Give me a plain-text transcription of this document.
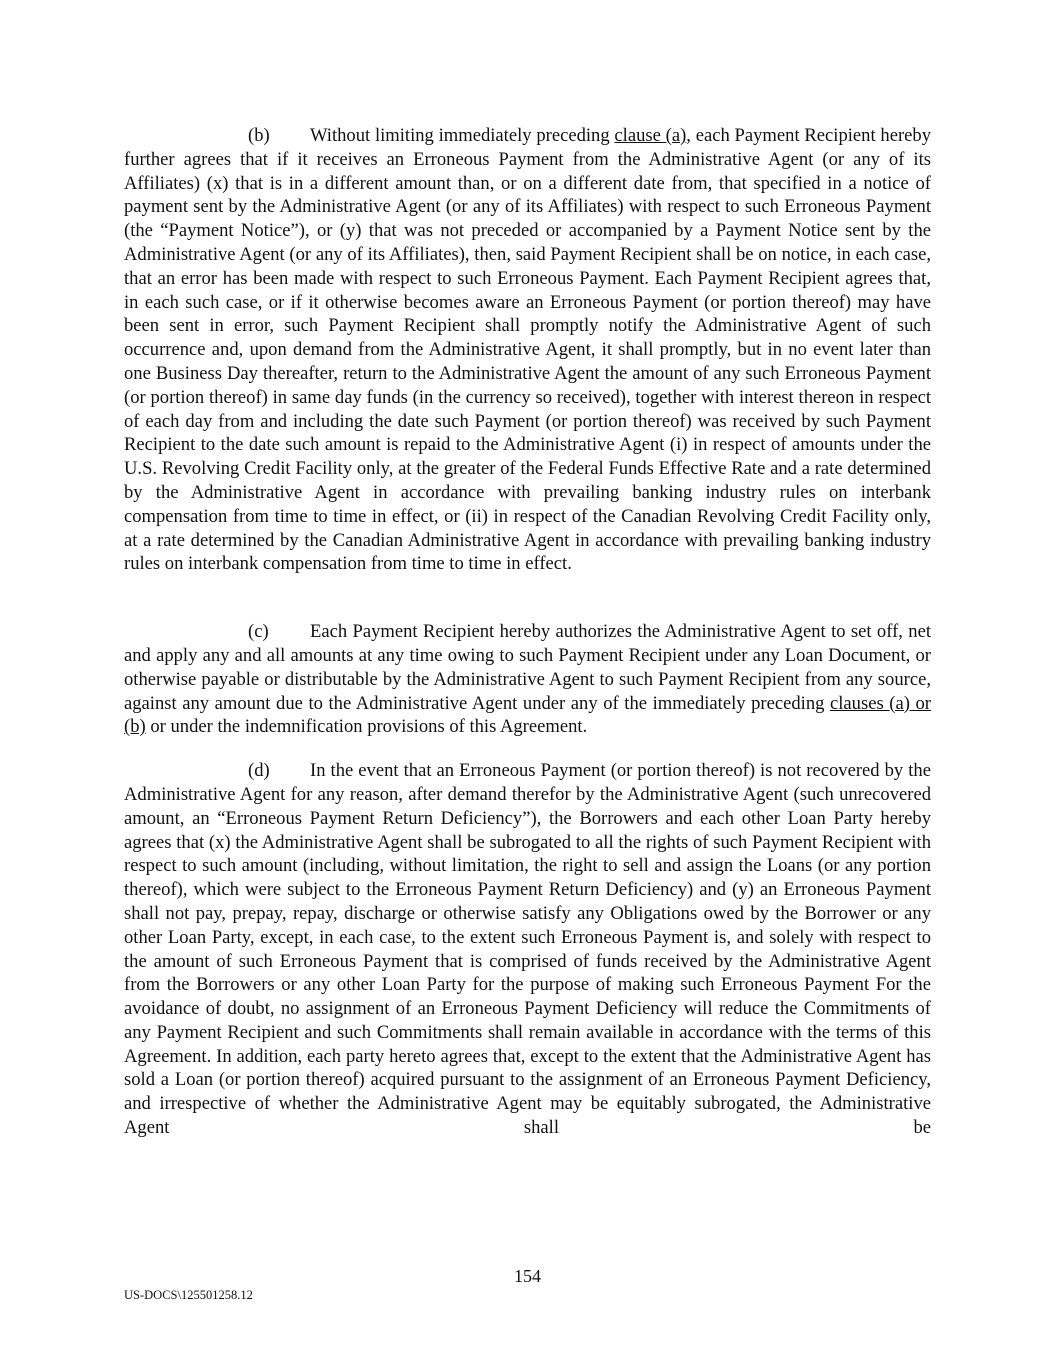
(b) Without limiting immediately preceding clause (a), each Payment Recipient hereby further agrees that if it receives an Erroneous Payment from the Administrative Agent (or any of its Affiliates) (x) that is in a different amount than, or on a different date from, that specified in a notice of payment sent by the Administrative Agent (or any of its Affiliates) with respect to such Erroneous Payment (the “Payment Notice”), or (y) that was not preceded or accompanied by a Payment Notice sent by the Administrative Agent (or any of its Affiliates), then, said Payment Recipient shall be on notice, in each case, that an error has been made with respect to such Erroneous Payment. Each Payment Recipient agrees that, in each such case, or if it otherwise becomes aware an Erroneous Payment (or portion thereof) may have been sent in error, such Payment Recipient shall promptly notify the Administrative Agent of such occurrence and, upon demand from the Administrative Agent, it shall promptly, but in no event later than one Business Day thereafter, return to the Administrative Agent the amount of any such Erroneous Payment (or portion thereof) in same day funds (in the currency so received), together with interest thereon in respect of each day from and including the date such Payment (or portion thereof) was received by such Payment Recipient to the date such amount is repaid to the Administrative Agent (i) in respect of amounts under the U.S. Revolving Credit Facility only, at the greater of the Federal Funds Effective Rate and a rate determined by the Administrative Agent in accordance with prevailing banking industry rules on interbank compensation from time to time in effect, or (ii) in respect of the Canadian Revolving Credit Facility only, at a rate determined by the Canadian Administrative Agent in accordance with prevailing banking industry rules on interbank compensation from time to time in effect.

(c) Each Payment Recipient hereby authorizes the Administrative Agent to set off, net and apply any and all amounts at any time owing to such Payment Recipient under any Loan Document, or otherwise payable or distributable by the Administrative Agent to such Payment Recipient from any source, against any amount due to the Administrative Agent under any of the immediately preceding clauses (a) or (b) or under the indemnification provisions of this Agreement.

(d) In the event that an Erroneous Payment (or portion thereof) is not recovered by the Administrative Agent for any reason, after demand therefor by the Administrative Agent (such unrecovered amount, an “Erroneous Payment Return Deficiency”), the Borrowers and each other Loan Party hereby agrees that (x) the Administrative Agent shall be subrogated to all the rights of such Payment Recipient with respect to such amount (including, without limitation, the right to sell and assign the Loans (or any portion thereof), which were subject to the Erroneous Payment Return Deficiency) and (y) an Erroneous Payment shall not pay, prepay, repay, discharge or otherwise satisfy any Obligations owed by the Borrower or any other Loan Party, except, in each case, to the extent such Erroneous Payment is, and solely with respect to the amount of such Erroneous Payment that is comprised of funds received by the Administrative Agent from the Borrowers or any other Loan Party for the purpose of making such Erroneous Payment For the avoidance of doubt, no assignment of an Erroneous Payment Deficiency will reduce the Commitments of any Payment Recipient and such Commitments shall remain available in accordance with the terms of this Agreement. In addition, each party hereto agrees that, except to the extent that the Administrative Agent has sold a Loan (or portion thereof) acquired pursuant to the assignment of an Erroneous Payment Deficiency, and irrespective of whether the Administrative Agent may be equitably subrogated, the Administrative Agent shall be

154
US-DOCS\125501258.12
